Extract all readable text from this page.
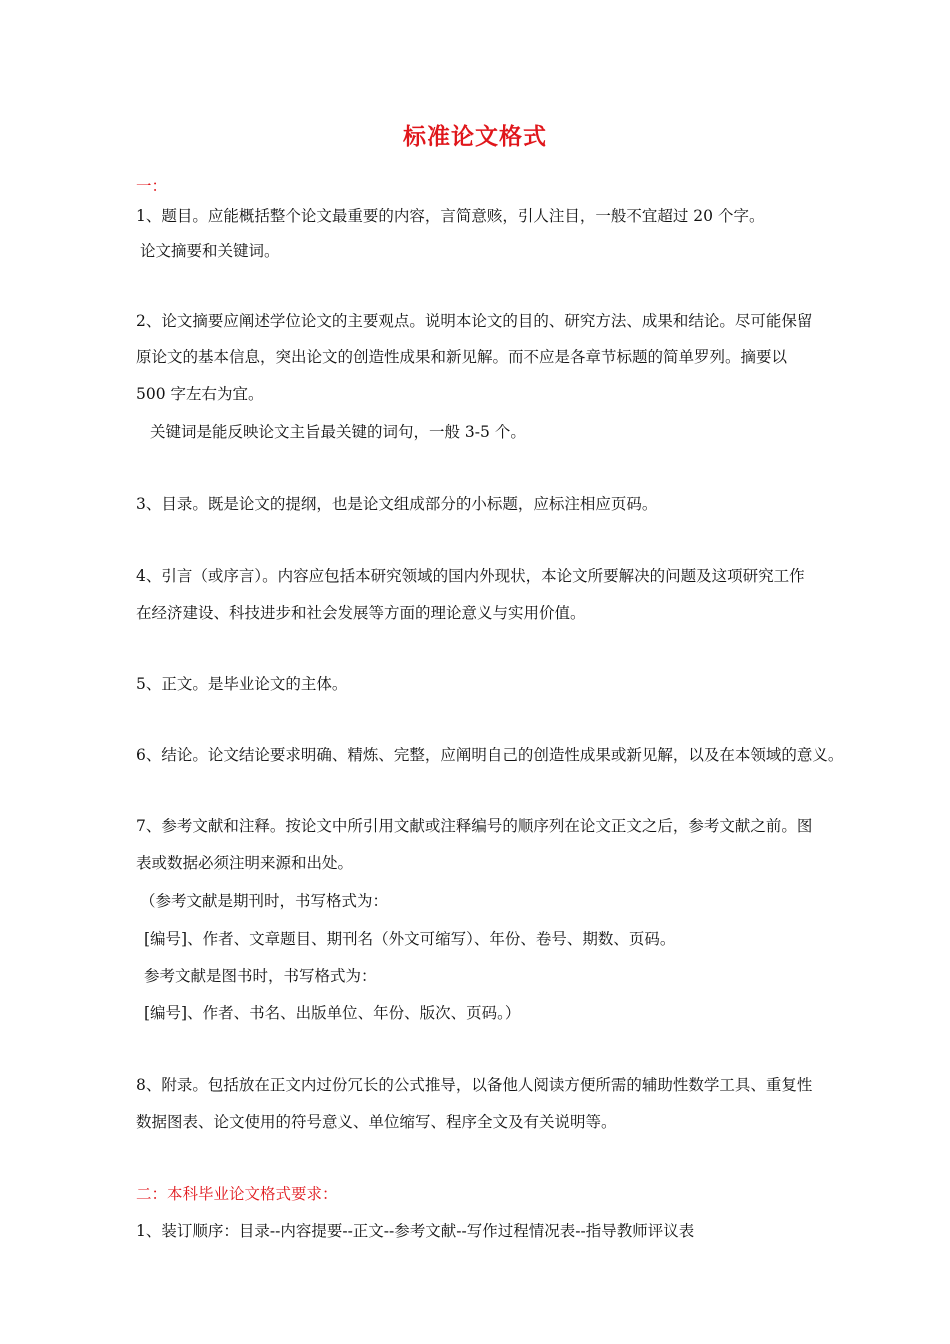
标准论文格式
一：
1、题目。应能概括整个论文最重要的内容，言简意赅，引人注目，一般不宜超过 20 个字。
论文摘要和关键词。
2、论文摘要应阐述学位论文的主要观点。说明本论文的目的、研究方法、成果和结论。尽可能保留
原论文的基本信息，突出论文的创造性成果和新见解。而不应是各章节标题的简单罗列。摘要以
500 字左右为宜。
关键词是能反映论文主旨最关键的词句，一般 3-5 个。
3、目录。既是论文的提纲，也是论文组成部分的小标题，应标注相应页码。
4、引言（或序言）。内容应包括本研究领域的国内外现状，本论文所要解决的问题及这项研究工作
在经济建设、科技进步和社会发展等方面的理论意义与实用价值。
5、正文。是毕业论文的主体。
6、结论。论文结论要求明确、精炼、完整，应阐明自己的创造性成果或新见解，以及在本领域的意义。
7、参考文献和注释。按论文中所引用文献或注释编号的顺序列在论文正文之后，参考文献之前。图
表或数据必须注明来源和出处。
（参考文献是期刊时，书写格式为：
[编号]、作者、文章题目、期刊名（外文可缩写）、年份、卷号、期数、页码。
参考文献是图书时，书写格式为：
[编号]、作者、书名、出版单位、年份、版次、页码。）
8、附录。包括放在正文内过份冗长的公式推导，以备他人阅读方便所需的辅助性数学工具、重复性
数据图表、论文使用的符号意义、单位缩写、程序全文及有关说明等。
二：本科毕业论文格式要求：
1、装订顺序：目录--内容提要--正文--参考文献--写作过程情况表--指导教师评议表
